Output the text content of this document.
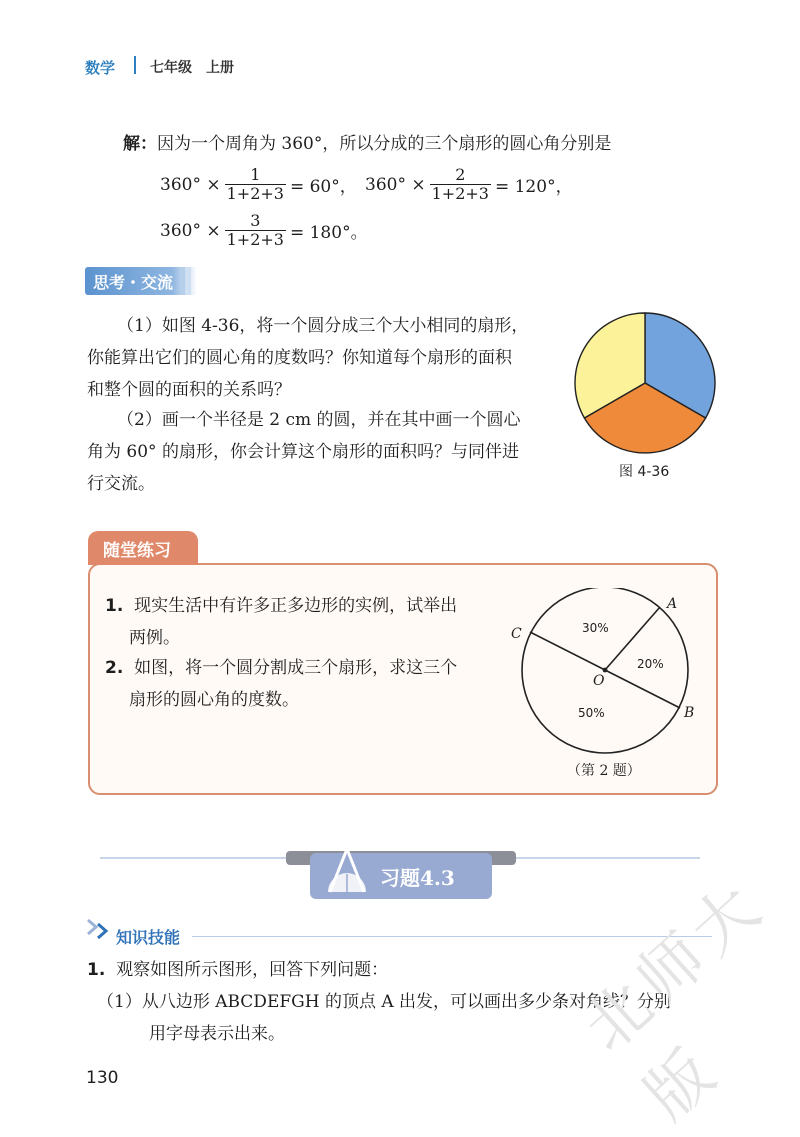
数学 七年级　上册
解：因为一个周角为 360°，所以分成的三个扇形的圆心角分别是
$360^\circ \times \frac{1}{1+2+3} = 60^\circ$， $360^\circ \times \frac{2}{1+2+3} = 120^\circ$，
$360^\circ \times \frac{3}{1+2+3} = 180^\circ$。
思考・交流
（1）如图 4-36，将一个圆分成三个大小相同的扇形，
你能算出它们的圆心角的度数吗？你知道每个扇形的面积
和整个圆的面积的关系吗？
（2）画一个半径是 2 cm 的圆，并在其中画一个圆心
角为 60° 的扇形，你会计算这个扇形的面积吗？与同伴进
行交流。
图 4-36
随堂练习
1. 现实生活中有许多正多边形的实例，试举出
两例。
2. 如图，将一个圆分割成三个扇形，求这三个
扇形的圆心角的度数。
A
B
C
O
30%
20%
50%
（第 2 题）
习题4.3
知识技能
1. 观察如图所示图形，回答下列问题：
（1）从八边形 ABCDEFGH 的顶点 A 出发，可以画出多少条对角线？分别
用字母表示出来。
130
北师大版
